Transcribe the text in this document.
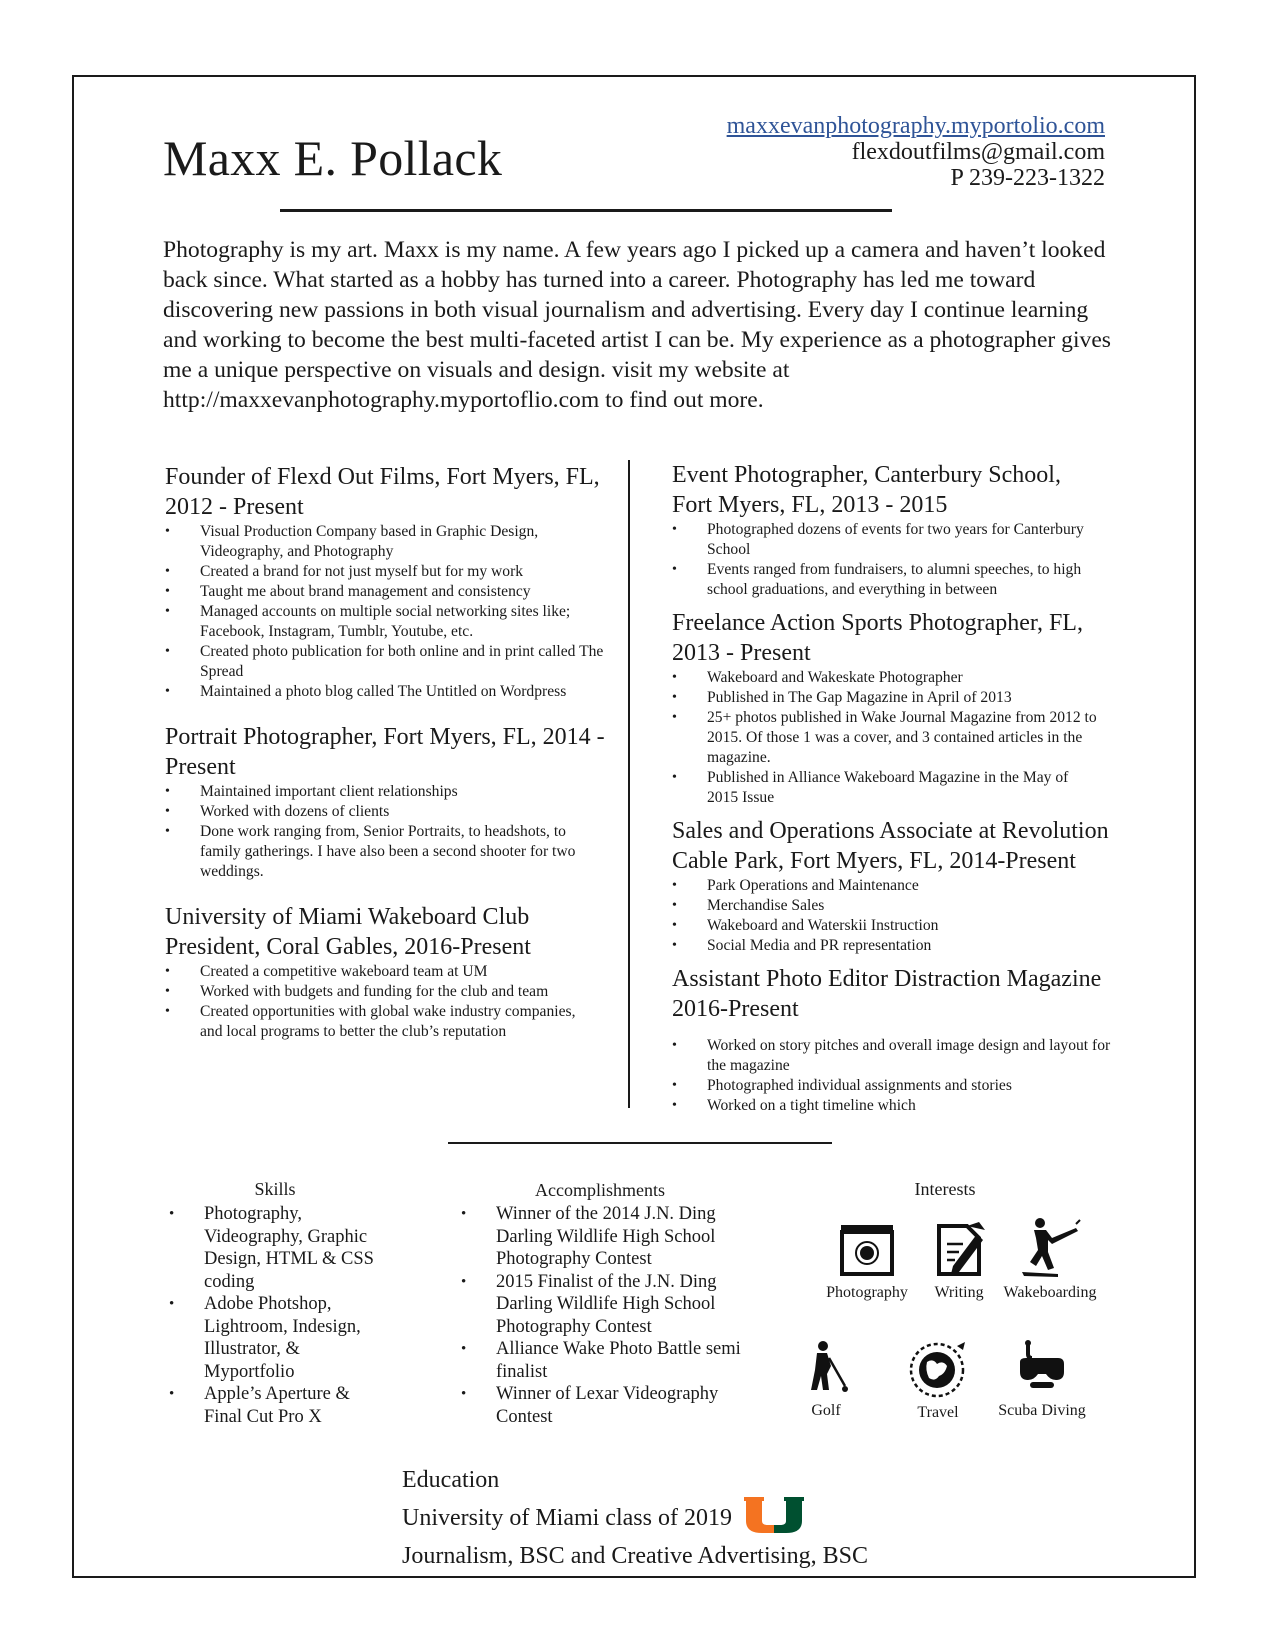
Maxx E. Pollack
maxxevanphotography.myportolio.com
flexdoutfilms@gmail.com
P 239-223-1322

Photography is my art. Maxx is my name. A few years ago I picked up a camera and haven’t looked back since. What started as a hobby has turned into a career. Photography has led me toward discovering new passions in both visual journalism and advertising. Every day I continue learning and working to become the best multi-faceted artist I can be. My experience as a photographer gives me a unique perspective on visuals and design. visit my website at http://maxxevanphotography.myportoflio.com to find out more.

Founder of Flexd Out Films, Fort Myers, FL, 2012 - Present
• Visual Production Company based in Graphic Design, Videography, and Photography
• Created a brand for not just myself but for my work
• Taught me about brand management and consistency
• Managed accounts on multiple social networking sites like; Facebook, Instagram, Tumblr, Youtube, etc.
• Created photo publication for both online and in print called The Spread
• Maintained a photo blog called The Untitled on Wordpress
Portrait Photographer, Fort Myers, FL, 2014 - Present
• Maintained important client relationships
• Worked with dozens of clients
• Done work ranging from, Senior Portraits, to headshots, to family gatherings. I have also been a second shooter for two weddings.
University of Miami Wakeboard Club President, Coral Gables, 2016-Present
• Created a competitive wakeboard team at UM
• Worked with budgets and funding for the club and team
• Created opportunities with global wake industry companies, and local programs to better the club’s reputation
Event Photographer, Canterbury School, Fort Myers, FL, 2013 - 2015
• Photographed dozens of events for two years for Canterbury School
• Events ranged from fundraisers, to alumni speeches, to high school graduations, and everything in between
Freelance Action Sports Photographer, FL, 2013 - Present
• Wakeboard and Wakeskate Photographer
• Published in The Gap Magazine in April of 2013
• 25+ photos published in Wake Journal Magazine from 2012 to 2015. Of those 1 was a cover, and 3 contained articles in the magazine.
• Published in Alliance Wakeboard Magazine in the May of 2015 Issue
Sales and Operations Associate at Revolution Cable Park, Fort Myers, FL, 2014-Present
• Park Operations and Maintenance
• Merchandise Sales
• Wakeboard and Waterskii Instruction
• Social Media and PR representation
Assistant Photo Editor Distraction Magazine 2016-Present
• Worked on story pitches and overall image design and layout for the magazine
• Photographed individual assignments and stories
• Worked on a tight timeline which
Skills
• Photography, Videography, Graphic Design, HTML & CSS coding
• Adobe Photshop, Lightroom, Indesign, Illustrator, & Myportfolio
• Apple’s Aperture & Final Cut Pro X
Accomplishments
• Winner of the 2014 J.N. Ding Darling Wildlife High School Photography Contest
• 2015 Finalist of the J.N. Ding Darling Wildlife High School Photography Contest
• Alliance Wake Photo Battle semi finalist
• Winner of Lexar Videography Contest
Interests
Photography	Writing	Wakeboarding
Golf	Travel	Scuba Diving
Education
University of Miami class of 2019
Journalism, BSC and Creative Advertising, BSC
